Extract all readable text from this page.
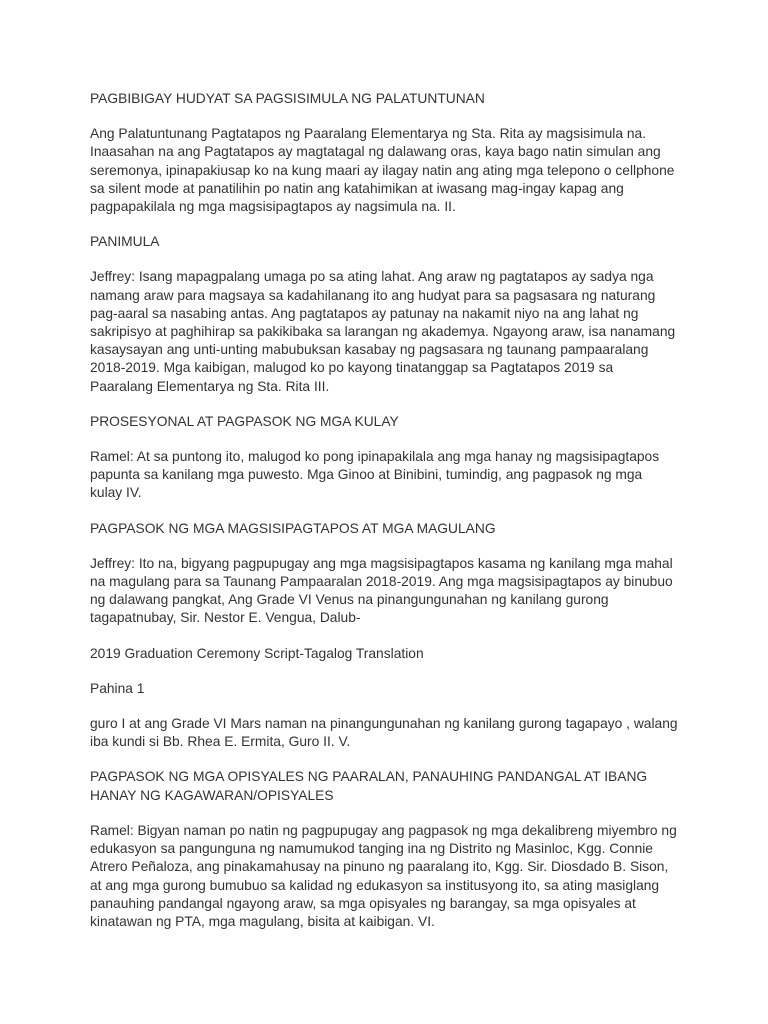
PAGBIBIGAY HUDYAT SA PAGSISIMULA NG PALATUNTUNAN

Ang Palatuntunang Pagtatapos ng Paaralang Elementarya ng Sta. Rita ay magsisimula na.
Inaasahan na ang Pagtatapos ay magtatagal ng dalawang oras, kaya bago natin simulan ang
seremonya, ipinapakiusap ko na kung maari ay ilagay natin ang ating mga telepono o cellphone
sa silent mode at panatilihin po natin ang katahimikan at iwasang mag-ingay kapag ang
pagpapakilala ng mga magsisipagtapos ay nagsimula na. II.

PANIMULA

Jeffrey: Isang mapagpalang umaga po sa ating lahat. Ang araw ng pagtatapos ay sadya nga
namang araw para magsaya sa kadahilanang ito ang hudyat para sa pagsasara ng naturang
pag-aaral sa nasabing antas. Ang pagtatapos ay patunay na nakamit niyo na ang lahat ng
sakripisyo at paghihirap sa pakikibaka sa larangan ng akademya. Ngayong araw, isa nanamang
kasaysayan ang unti-unting mabubuksan kasabay ng pagsasara ng taunang pampaaralang
2018-2019. Mga kaibigan, malugod ko po kayong tinatanggap sa Pagtatapos 2019 sa
Paaralang Elementarya ng Sta. Rita III.

PROSESYONAL AT PAGPASOK NG MGA KULAY

Ramel: At sa puntong ito, malugod ko pong ipinapakilala ang mga hanay ng magsisipagtapos
papunta sa kanilang mga puwesto. Mga Ginoo at Binibini, tumindig, ang pagpasok ng mga
kulay IV.

PAGPASOK NG MGA MAGSISIPAGTAPOS AT MGA MAGULANG

Jeffrey: Ito na, bigyang pagpupugay ang mga magsisipagtapos kasama ng kanilang mga mahal
na magulang para sa Taunang Pampaaralan 2018-2019. Ang mga magsisipagtapos ay binubuo
ng dalawang pangkat, Ang Grade VI Venus na pinangungunahan ng kanilang gurong
tagapatnubay, Sir. Nestor E. Vengua, Dalub-

2019 Graduation Ceremony Script-Tagalog Translation

Pahina 1

guro I at ang Grade VI Mars naman na pinangungunahan ng kanilang gurong tagapayo , walang
iba kundi si Bb. Rhea E. Ermita, Guro II. V.

PAGPASOK NG MGA OPISYALES NG PAARALAN, PANAUHING PANDANGAL AT IBANG
HANAY NG KAGAWARAN/OPISYALES

Ramel: Bigyan naman po natin ng pagpupugay ang pagpasok ng mga dekalibreng miyembro ng
edukasyon sa pangunguna ng namumukod tanging ina ng Distrito ng Masinloc, Kgg. Connie
Atrero Peñaloza, ang pinakamahusay na pinuno ng paaralang ito, Kgg. Sir. Diosdado B. Sison,
at ang mga gurong bumubuo sa kalidad ng edukasyon sa institusyong ito, sa ating masiglang
panauhing pandangal ngayong araw, sa mga opisyales ng barangay, sa mga opisyales at
kinatawan ng PTA, mga magulang, bisita at kaibigan. VI.
